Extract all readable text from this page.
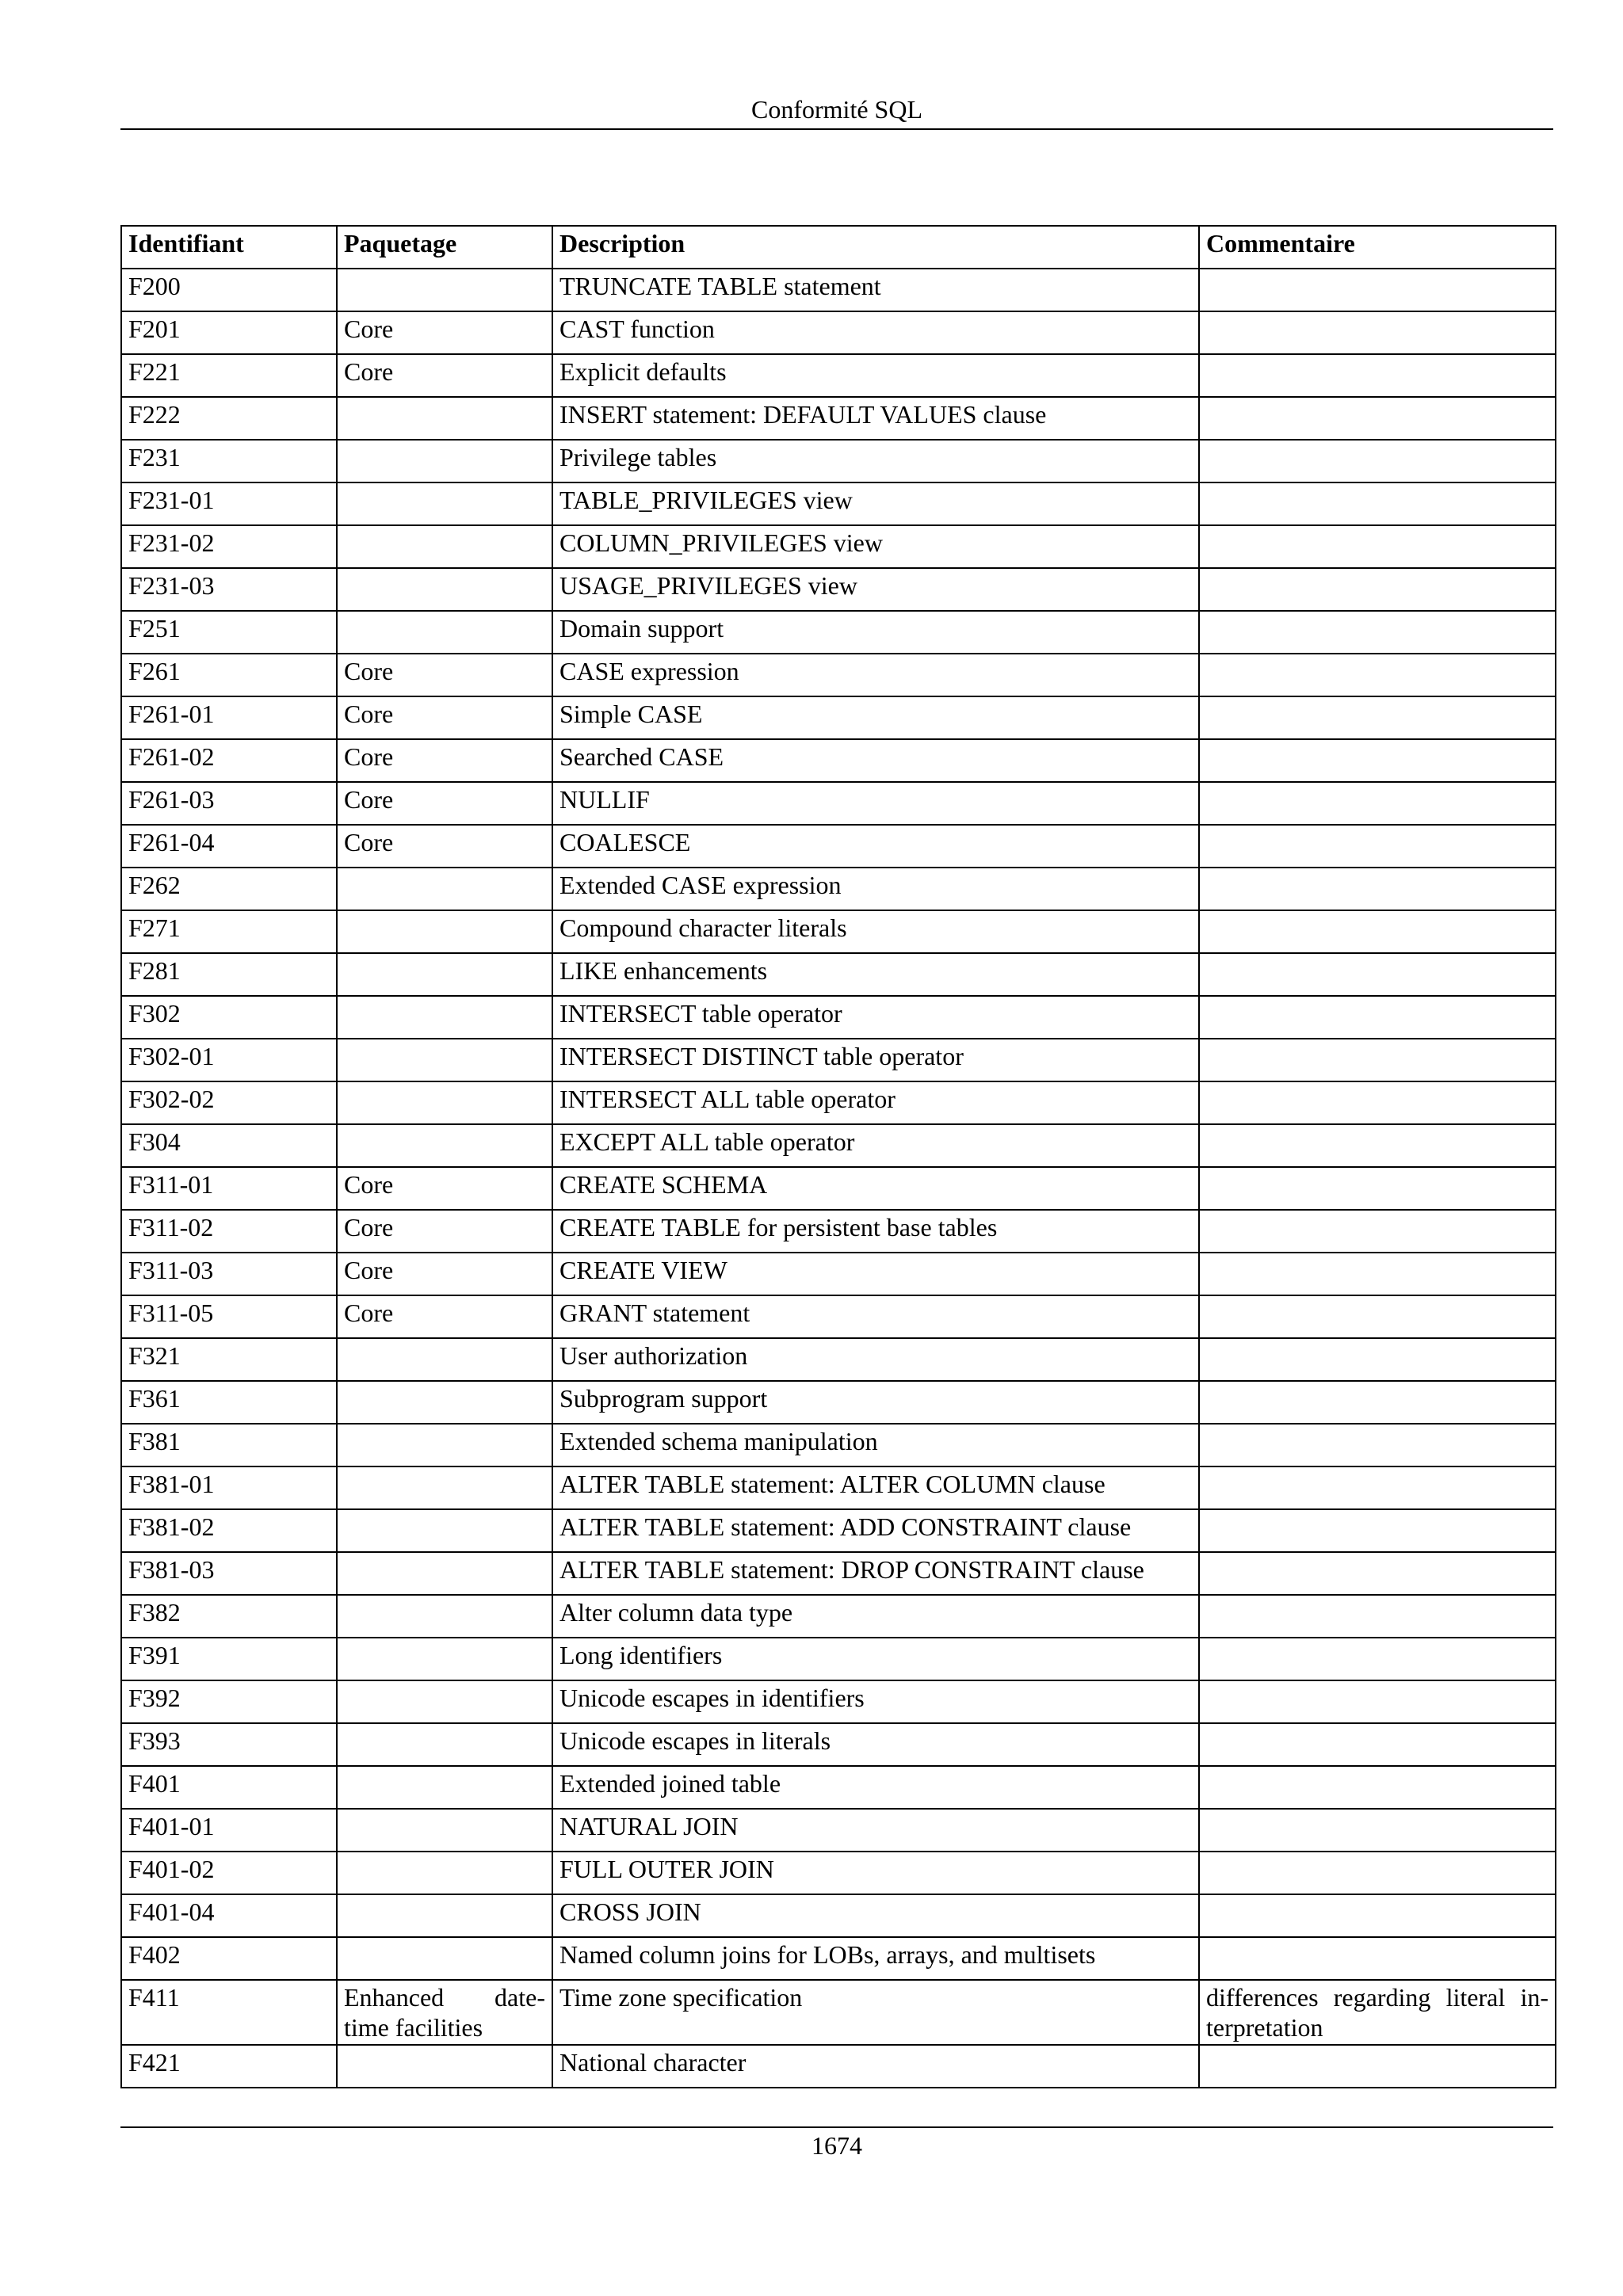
Conformité SQL
Identifiant	Paquetage	Description	Commentaire
F200		TRUNCATE TABLE statement	
F201	Core	CAST function	
F221	Core	Explicit defaults	
F222		INSERT statement: DEFAULT VALUES clause	
F231		Privilege tables	
F231-01		TABLE_PRIVILEGES view	
F231-02		COLUMN_PRIVILEGES view	
F231-03		USAGE_PRIVILEGES view	
F251		Domain support	
F261	Core	CASE expression	
F261-01	Core	Simple CASE	
F261-02	Core	Searched CASE	
F261-03	Core	NULLIF	
F261-04	Core	COALESCE	
F262		Extended CASE expression	
F271		Compound character literals	
F281		LIKE enhancements	
F302		INTERSECT table operator	
F302-01		INTERSECT DISTINCT table operator	
F302-02		INTERSECT ALL table operator	
F304		EXCEPT ALL table operator	
F311-01	Core	CREATE SCHEMA	
F311-02	Core	CREATE TABLE for persistent base tables	
F311-03	Core	CREATE VIEW	
F311-05	Core	GRANT statement	
F321		User authorization	
F361		Subprogram support	
F381		Extended schema manipulation	
F381-01		ALTER TABLE statement: ALTER COLUMN clause	
F381-02		ALTER TABLE statement: ADD CONSTRAINT clause	
F381-03		ALTER TABLE statement: DROP CONSTRAINT clause	
F382		Alter column data type	
F391		Long identifiers	
F392		Unicode escapes in identifiers	
F393		Unicode escapes in literals	
F401		Extended joined table	
F401-01		NATURAL JOIN	
F401-02		FULL OUTER JOIN	
F401-04		CROSS JOIN	
F402		Named column joins for LOBs, arrays, and multisets	
F411	Enhanced date-time facilities	Time zone specification	differences regarding literal in-terpretation
F421		National character	
1674
